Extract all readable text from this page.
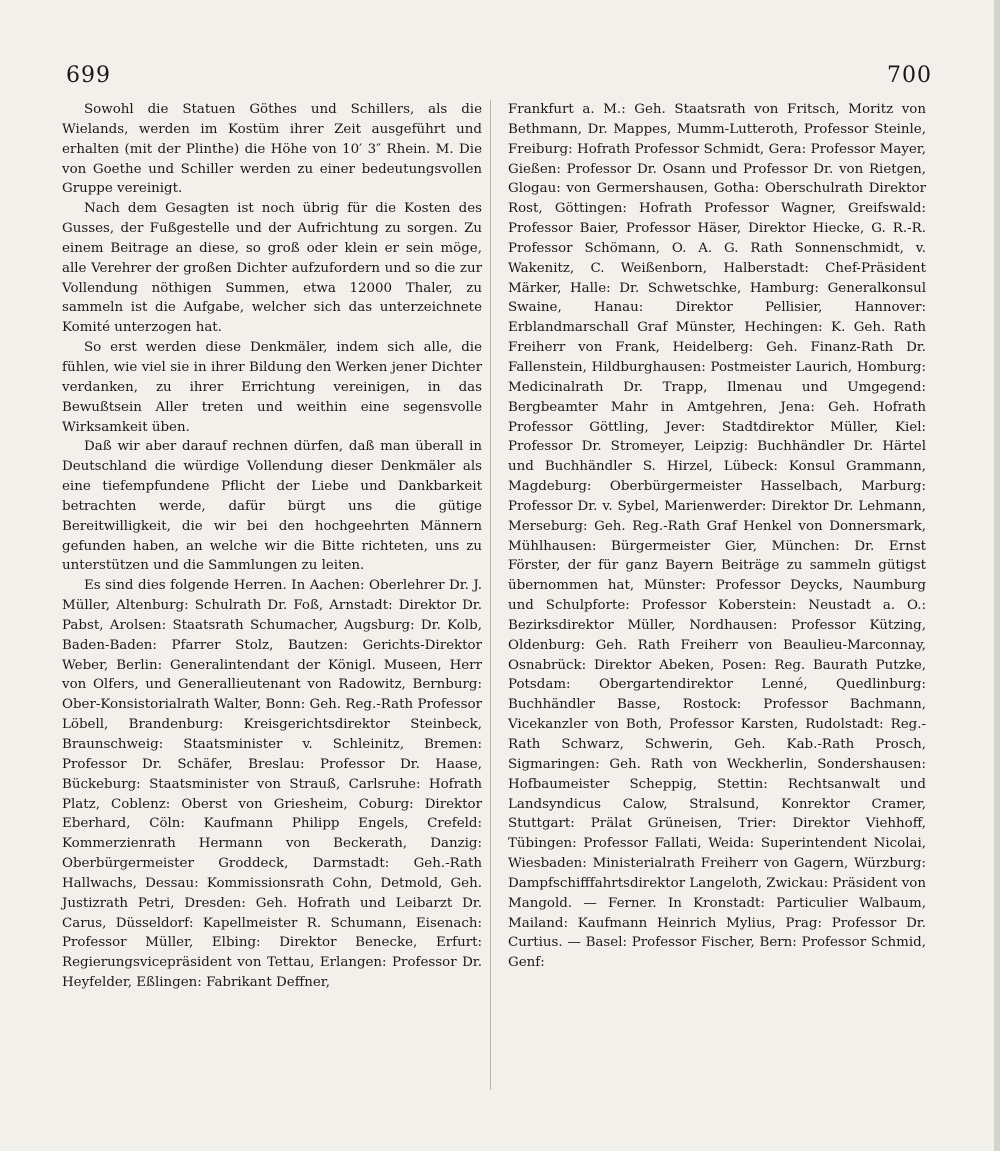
699	700

Sowohl die Statuen Göthes und Schillers, als die Wielands, werden im Kostüm ihrer Zeit ausgeführt und erhalten (mit der Plinthe) die Höhe von 10′ 3″ Rhein. M. Die von Goethe und Schiller werden zu einer bedeutungsvollen Gruppe vereinigt.

Nach dem Gesagten ist noch übrig für die Kosten des Gusses, der Fußgestelle und der Aufrichtung zu sorgen. Zu einem Beitrage an diese, so groß oder klein er sein möge, alle Verehrer der großen Dichter aufzufordern und so die zur Vollendung nöthigen Summen, etwa 12000 Thaler, zu sammeln ist die Aufgabe, welcher sich das unterzeichnete Komité unterzogen hat.

So erst werden diese Denkmäler, indem sich alle, die fühlen, wie viel sie in ihrer Bildung den Werken jener Dichter verdanken, zu ihrer Errichtung vereinigen, in das Bewußtsein Aller treten und weithin eine segensvolle Wirksamkeit üben.

Daß wir aber darauf rechnen dürfen, daß man überall in Deutschland die würdige Vollendung dieser Denkmäler als eine tiefempfundene Pflicht der Liebe und Dankbarkeit betrachten werde, dafür bürgt uns die gütige Bereitwilligkeit, die wir bei den hochgeehrten Männern gefunden haben, an welche wir die Bitte richteten, uns zu unterstützen und die Sammlungen zu leiten.

Es sind dies folgende Herren. In Aachen: Oberlehrer Dr. J. Müller, Altenburg: Schulrath Dr. Foß, Arnstadt: Direktor Dr. Pabst, Arolsen: Staatsrath Schumacher, Augsburg: Dr. Kolb, Baden-Baden: Pfarrer Stolz, Bautzen: Gerichts-Direktor Weber, Berlin: Generalintendant der Königl. Museen, Herr von Olfers, und Generallieutenant von Radowitz, Bernburg: Ober-Konsistorialrath Walter, Bonn: Geh. Reg.-Rath Professor Löbell, Brandenburg: Kreisgerichtsdirektor Steinbeck, Braunschweig: Staatsminister v. Schleinitz, Bremen: Professor Dr. Schäfer, Breslau: Professor Dr. Haase, Bückeburg: Staatsminister von Strauß, Carlsruhe: Hofrath Platz, Coblenz: Oberst von Griesheim, Coburg: Direktor Eberhard, Cöln: Kaufmann Philipp Engels, Crefeld: Kommerzienrath Hermann von Beckerath, Danzig: Oberbürgermeister Groddeck, Darmstadt: Geh.-Rath Hallwachs, Dessau: Kommissionsrath Cohn, Detmold, Geh. Justizrath Petri, Dresden: Geh. Hofrath und Leibarzt Dr. Carus, Düsseldorf: Kapellmeister R. Schumann, Eisenach: Professor Müller, Elbing: Direktor Benecke, Erfurt: Regierungsvicepräsident von Tettau, Erlangen: Professor Dr. Heyfelder, Eßlingen: Fabrikant Deffner,

Frankfurt a. M.: Geh. Staatsrath von Fritsch, Moritz von Bethmann, Dr. Mappes, Mumm-Lutteroth, Professor Steinle, Freiburg: Hofrath Professor Schmidt, Gera: Professor Mayer, Gießen: Professor Dr. Osann und Professor Dr. von Rietgen, Glogau: von Germershausen, Gotha: Oberschulrath Direktor Rost, Göttingen: Hofrath Professor Wagner, Greifswald: Professor Baier, Professor Häser, Direktor Hiecke, G. R.-R. Professor Schömann, O. A. G. Rath Sonnenschmidt, v. Wakenitz, C. Weißenborn, Halberstadt: Chef-Präsident Märker, Halle: Dr. Schwetschke, Hamburg: Generalkonsul Swaine, Hanau: Direktor Pellisier, Hannover: Erblandmarschall Graf Münster, Hechingen: K. Geh. Rath Freiherr von Frank, Heidelberg: Geh. Finanz-Rath Dr. Fallenstein, Hildburghausen: Postmeister Laurich, Homburg: Medicinalrath Dr. Trapp, Ilmenau und Umgegend: Bergbeamter Mahr in Amtgehren, Jena: Geh. Hofrath Professor Göttling, Jever: Stadtdirektor Müller, Kiel: Professor Dr. Stromeyer, Leipzig: Buchhändler Dr. Härtel und Buchhändler S. Hirzel, Lübeck: Konsul Grammann, Magdeburg: Oberbürgermeister Hasselbach, Marburg: Professor Dr. v. Sybel, Marienwerder: Direktor Dr. Lehmann, Merseburg: Geh. Reg.-Rath Graf Henkel von Donnersmark, Mühlhausen: Bürgermeister Gier, München: Dr. Ernst Förster, der für ganz Bayern Beiträge zu sammeln gütigst übernommen hat, Münster: Professor Deycks, Naumburg und Schulpforte: Professor Koberstein: Neustadt a. O.: Bezirksdirektor Müller, Nordhausen: Professor Kützing, Oldenburg: Geh. Rath Freiherr von Beaulieu-Marconnay, Osnabrück: Direktor Abeken, Posen: Reg. Baurath Putzke, Potsdam: Obergartendirektor Lenné, Quedlinburg: Buchhändler Basse, Rostock: Professor Bachmann, Vicekanzler von Both, Professor Karsten, Rudolstadt: Reg.-Rath Schwarz, Schwerin, Geh. Kab.-Rath Prosch, Sigmaringen: Geh. Rath von Weckherlin, Sondershausen: Hofbaumeister Scheppig, Stettin: Rechtsanwalt und Landsyndicus Calow, Stralsund, Konrektor Cramer, Stuttgart: Prälat Grüneisen, Trier: Direktor Viehhoff, Tübingen: Professor Fallati, Weida: Superintendent Nicolai, Wiesbaden: Ministerialrath Freiherr von Gagern, Würzburg: Dampfschifffahrtsdirektor Langeloth, Zwickau: Präsident von Mangold. — Ferner. In Kronstadt: Particulier Walbaum, Mailand: Kaufmann Heinrich Mylius, Prag: Professor Dr. Curtius. — Basel: Professor Fischer, Bern: Professor Schmid, Genf:
